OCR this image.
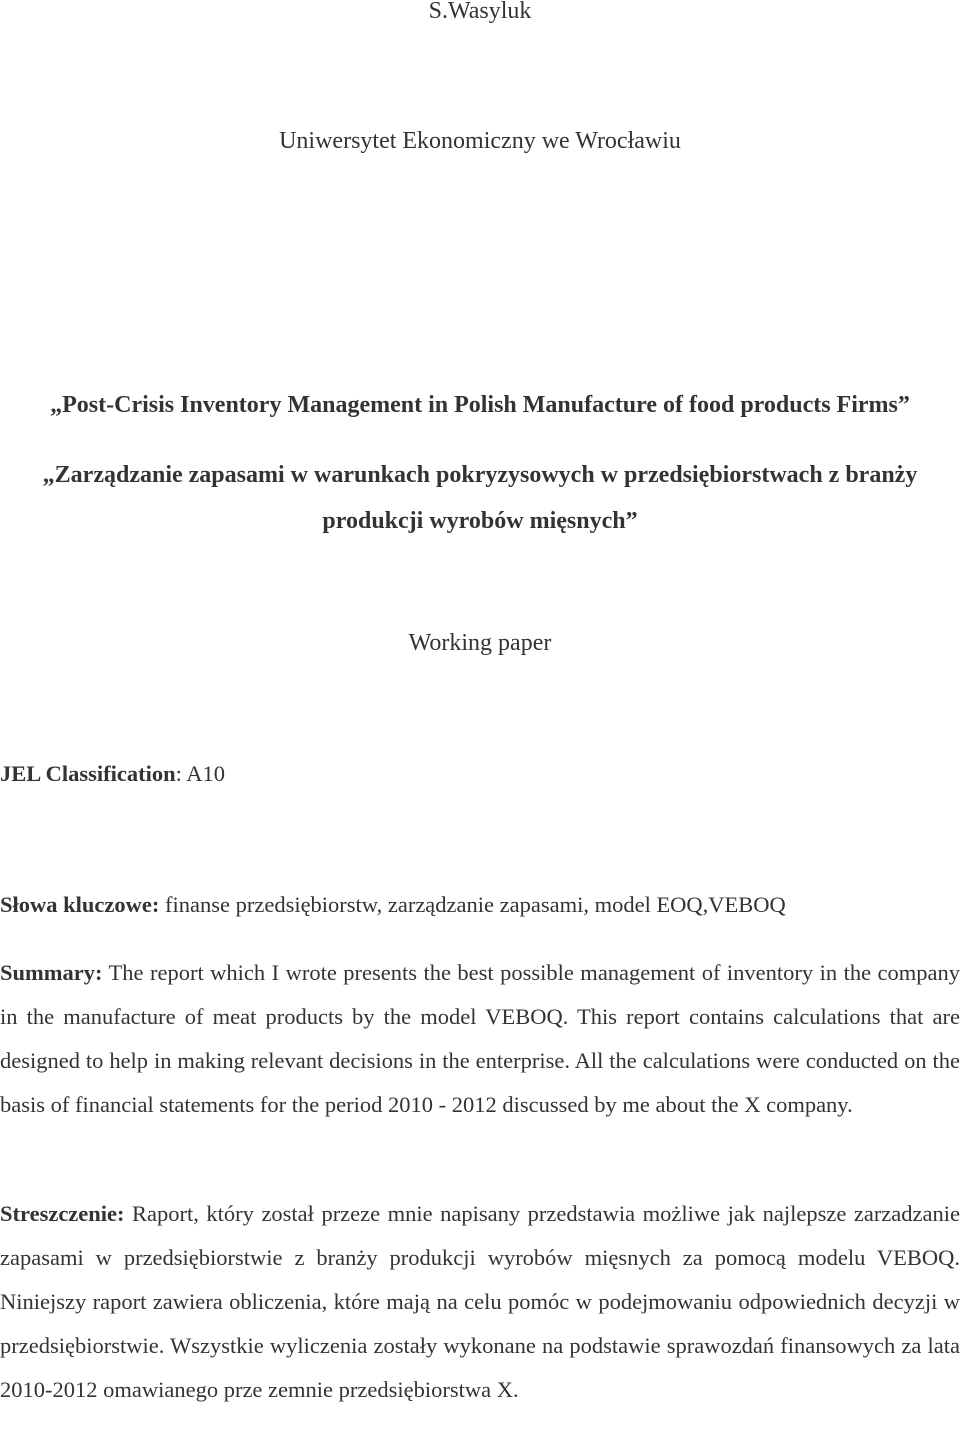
S.Wasyluk
Uniwersytet Ekonomiczny we Wrocławiu
„Post-Crisis Inventory Management in Polish Manufacture of food products Firms”
„Zarządzanie zapasami w warunkach pokryzysowych w przedsiębiorstwach z branży produkcji wyrobów mięsnych”
Working paper
JEL Classification: A10
Słowa kluczowe: finanse przedsiębiorstw, zarządzanie zapasami, model EOQ,VEBOQ
Summary: The report which I wrote presents the best possible management of inventory in the company in the manufacture of meat products by the model VEBOQ. This report contains calculations that are designed to help in making relevant decisions in the enterprise. All the calculations were conducted on the basis of financial statements for the period 2010 - 2012 discussed by me about the X company.
Streszczenie: Raport, który został przeze mnie napisany przedstawia możliwe jak najlepsze zarzadzanie zapasami w przedsiębiorstwie z branży produkcji wyrobów mięsnych za pomocą modelu VEBOQ. Niniejszy raport zawiera obliczenia, które mają na celu pomóc w podejmowaniu odpowiednich decyzji w przedsiębiorstwie. Wszystkie wyliczenia zostały wykonane na podstawie sprawozdań finansowych za lata 2010-2012 omawianego prze zemnie przedsiębiorstwa X.
